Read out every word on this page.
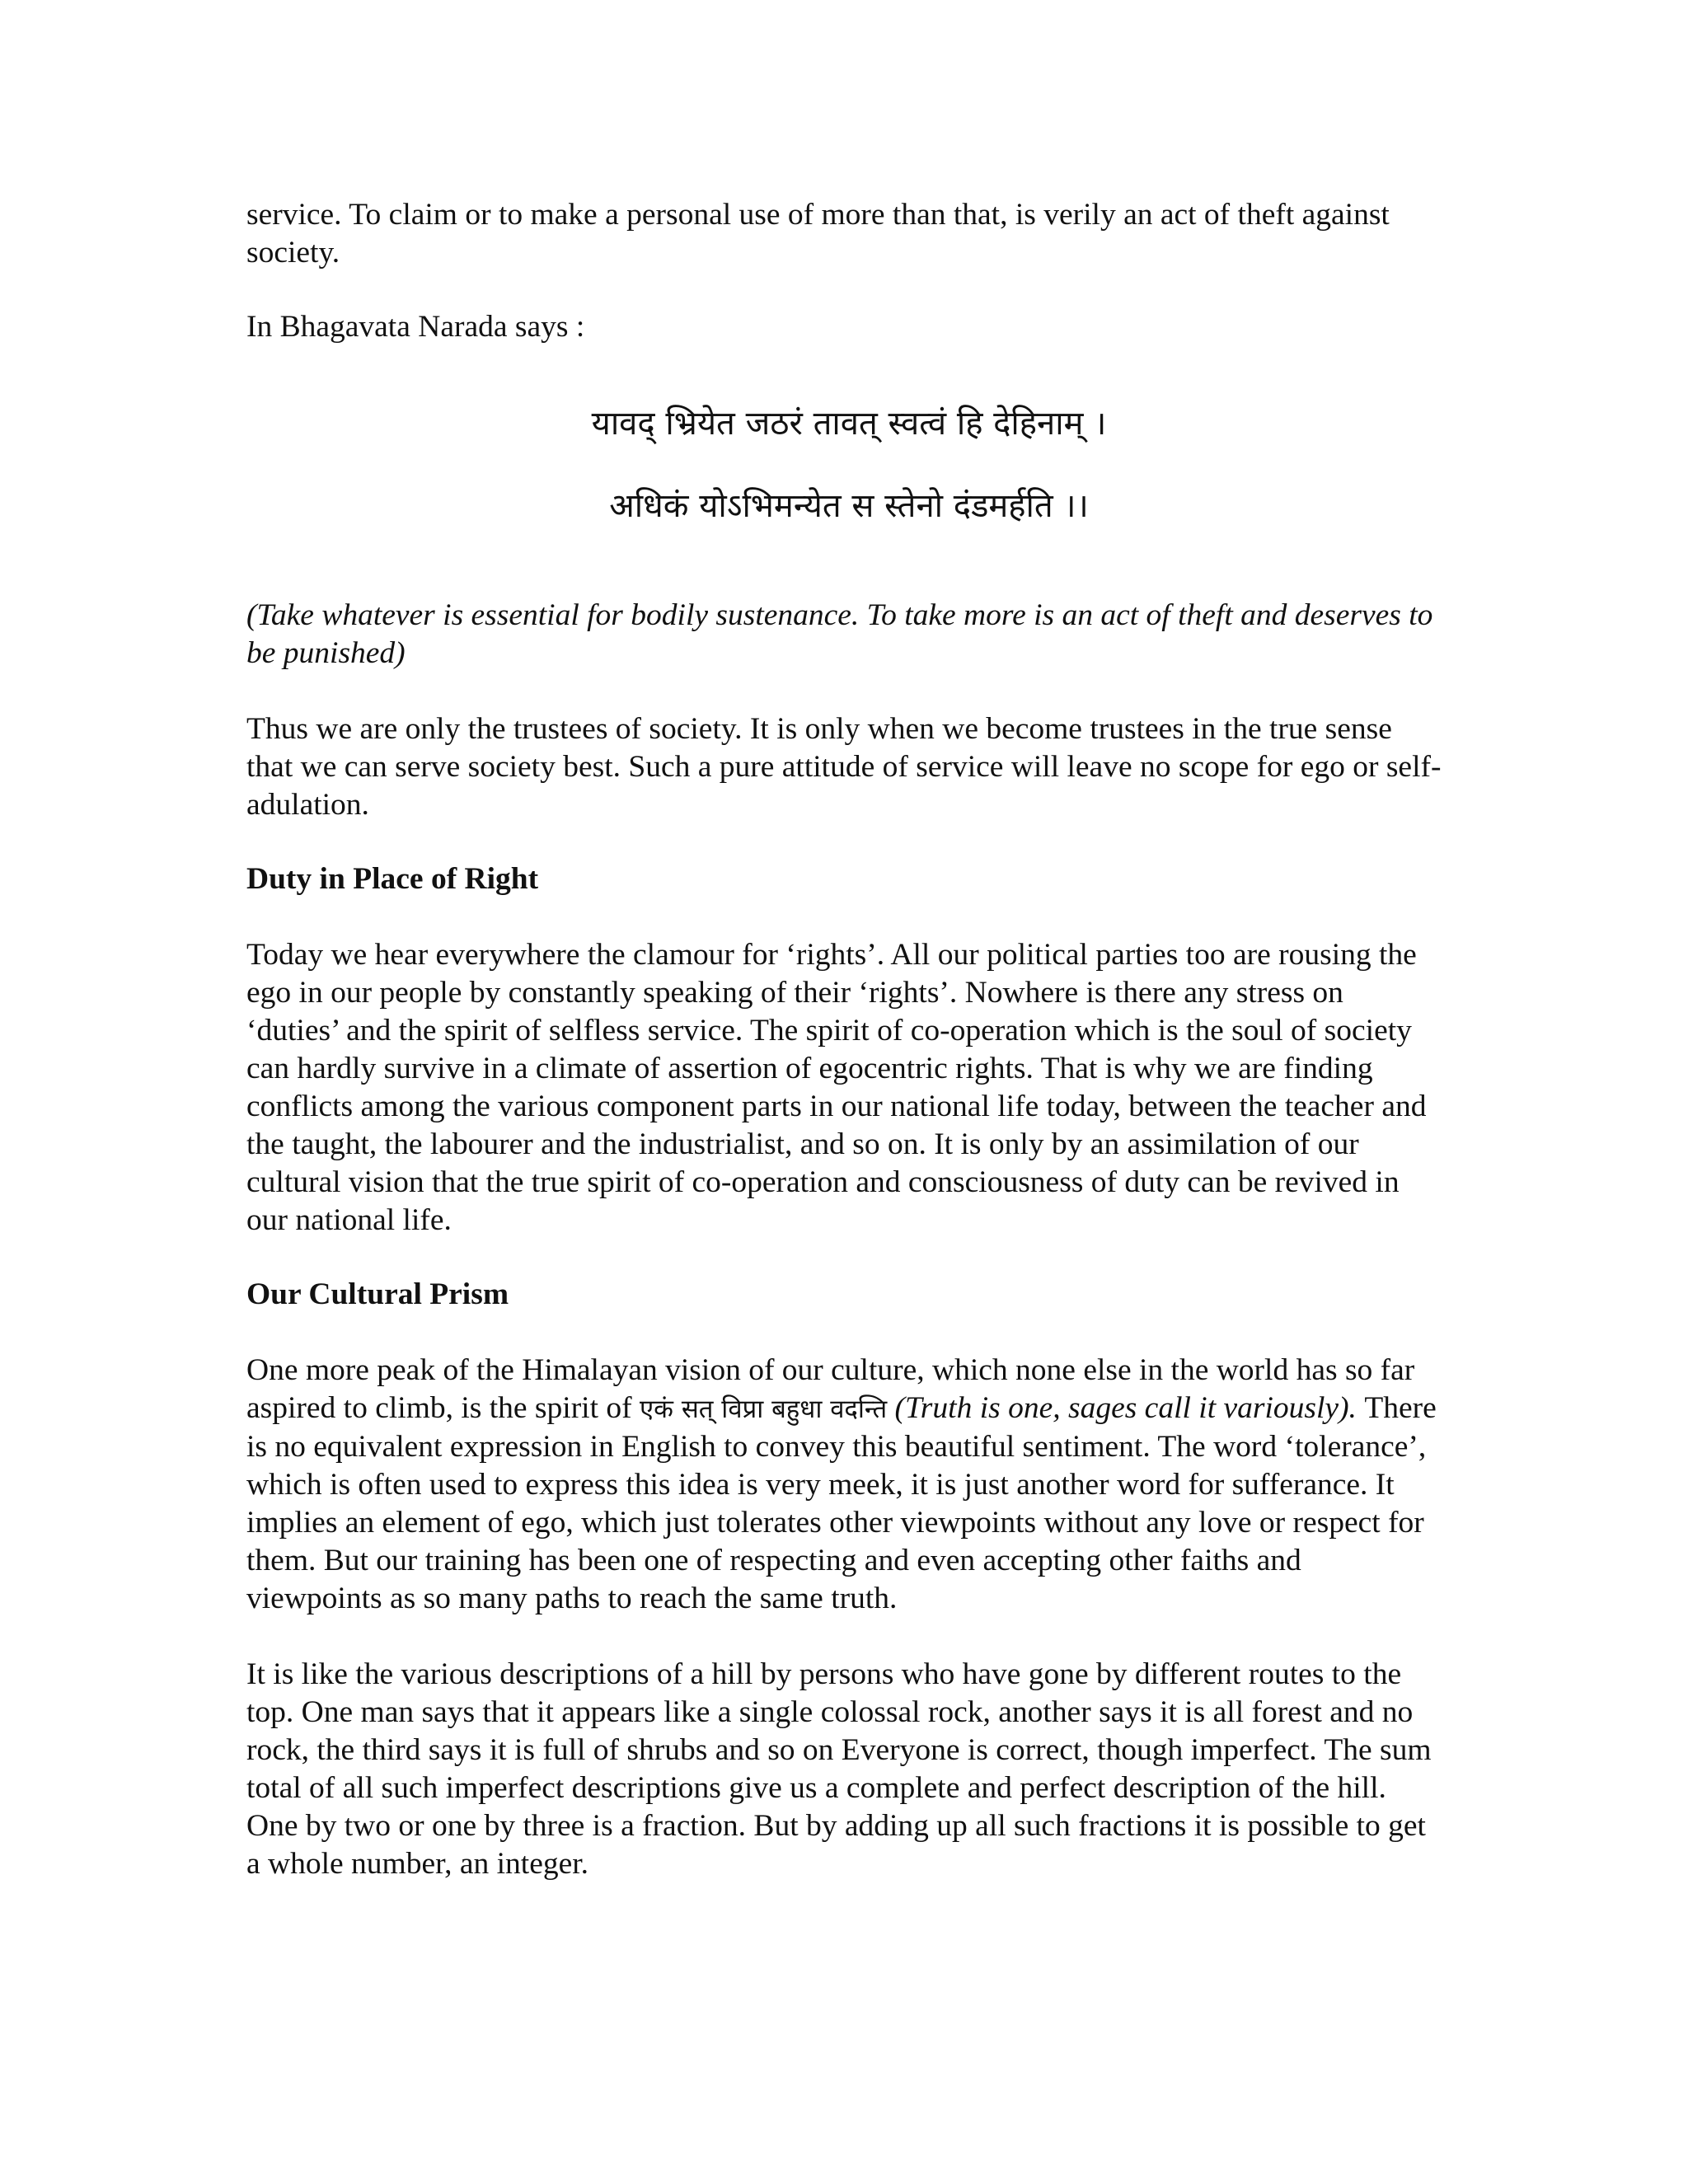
service. To claim or to make a personal use of more than that, is verily an act of theft against society.

In Bhagavata Narada says :

यावद् भ्रियेत जठरं तावत् स्वत्वं हि देहिनाम् ।
अधिकं योऽभिमन्येत स स्तेनो दंडमर्हति ।।

(Take whatever is essential for bodily sustenance. To take more is an act of theft and deserves to be punished)

Thus we are only the trustees of society. It is only when we become trustees in the true sense that we can serve society best. Such a pure attitude of service will leave no scope for ego or self-adulation.

Duty in Place of Right

Today we hear everywhere the clamour for ‘rights’. All our political parties too are rousing the ego in our people by constantly speaking of their ‘rights’. Nowhere is there any stress on ‘duties’ and the spirit of selfless service. The spirit of co-operation which is the soul of society can hardly survive in a climate of assertion of egocentric rights. That is why we are finding conflicts among the various component parts in our national life today, between the teacher and the taught, the labourer and the industrialist, and so on. It is only by an assimilation of our cultural vision that the true spirit of co-operation and consciousness of duty can be revived in our national life.

Our Cultural Prism

One more peak of the Himalayan vision of our culture, which none else in the world has so far aspired to climb, is the spirit of एकं सत् विप्रा बहुधा वदन्ति (Truth is one, sages call it variously). There is no equivalent expression in English to convey this beautiful sentiment. The word ‘tolerance’, which is often used to express this idea is very meek, it is just another word for sufferance. It implies an element of ego, which just tolerates other viewpoints without any love or respect for them. But our training has been one of respecting and even accepting other faiths and viewpoints as so many paths to reach the same truth.

It is like the various descriptions of a hill by persons who have gone by different routes to the top. One man says that it appears like a single colossal rock, another says it is all forest and no rock, the third says it is full of shrubs and so on Everyone is correct, though imperfect. The sum total of all such imperfect descriptions give us a complete and perfect description of the hill. One by two or one by three is a fraction. But by adding up all such fractions it is possible to get a whole number, an integer.
